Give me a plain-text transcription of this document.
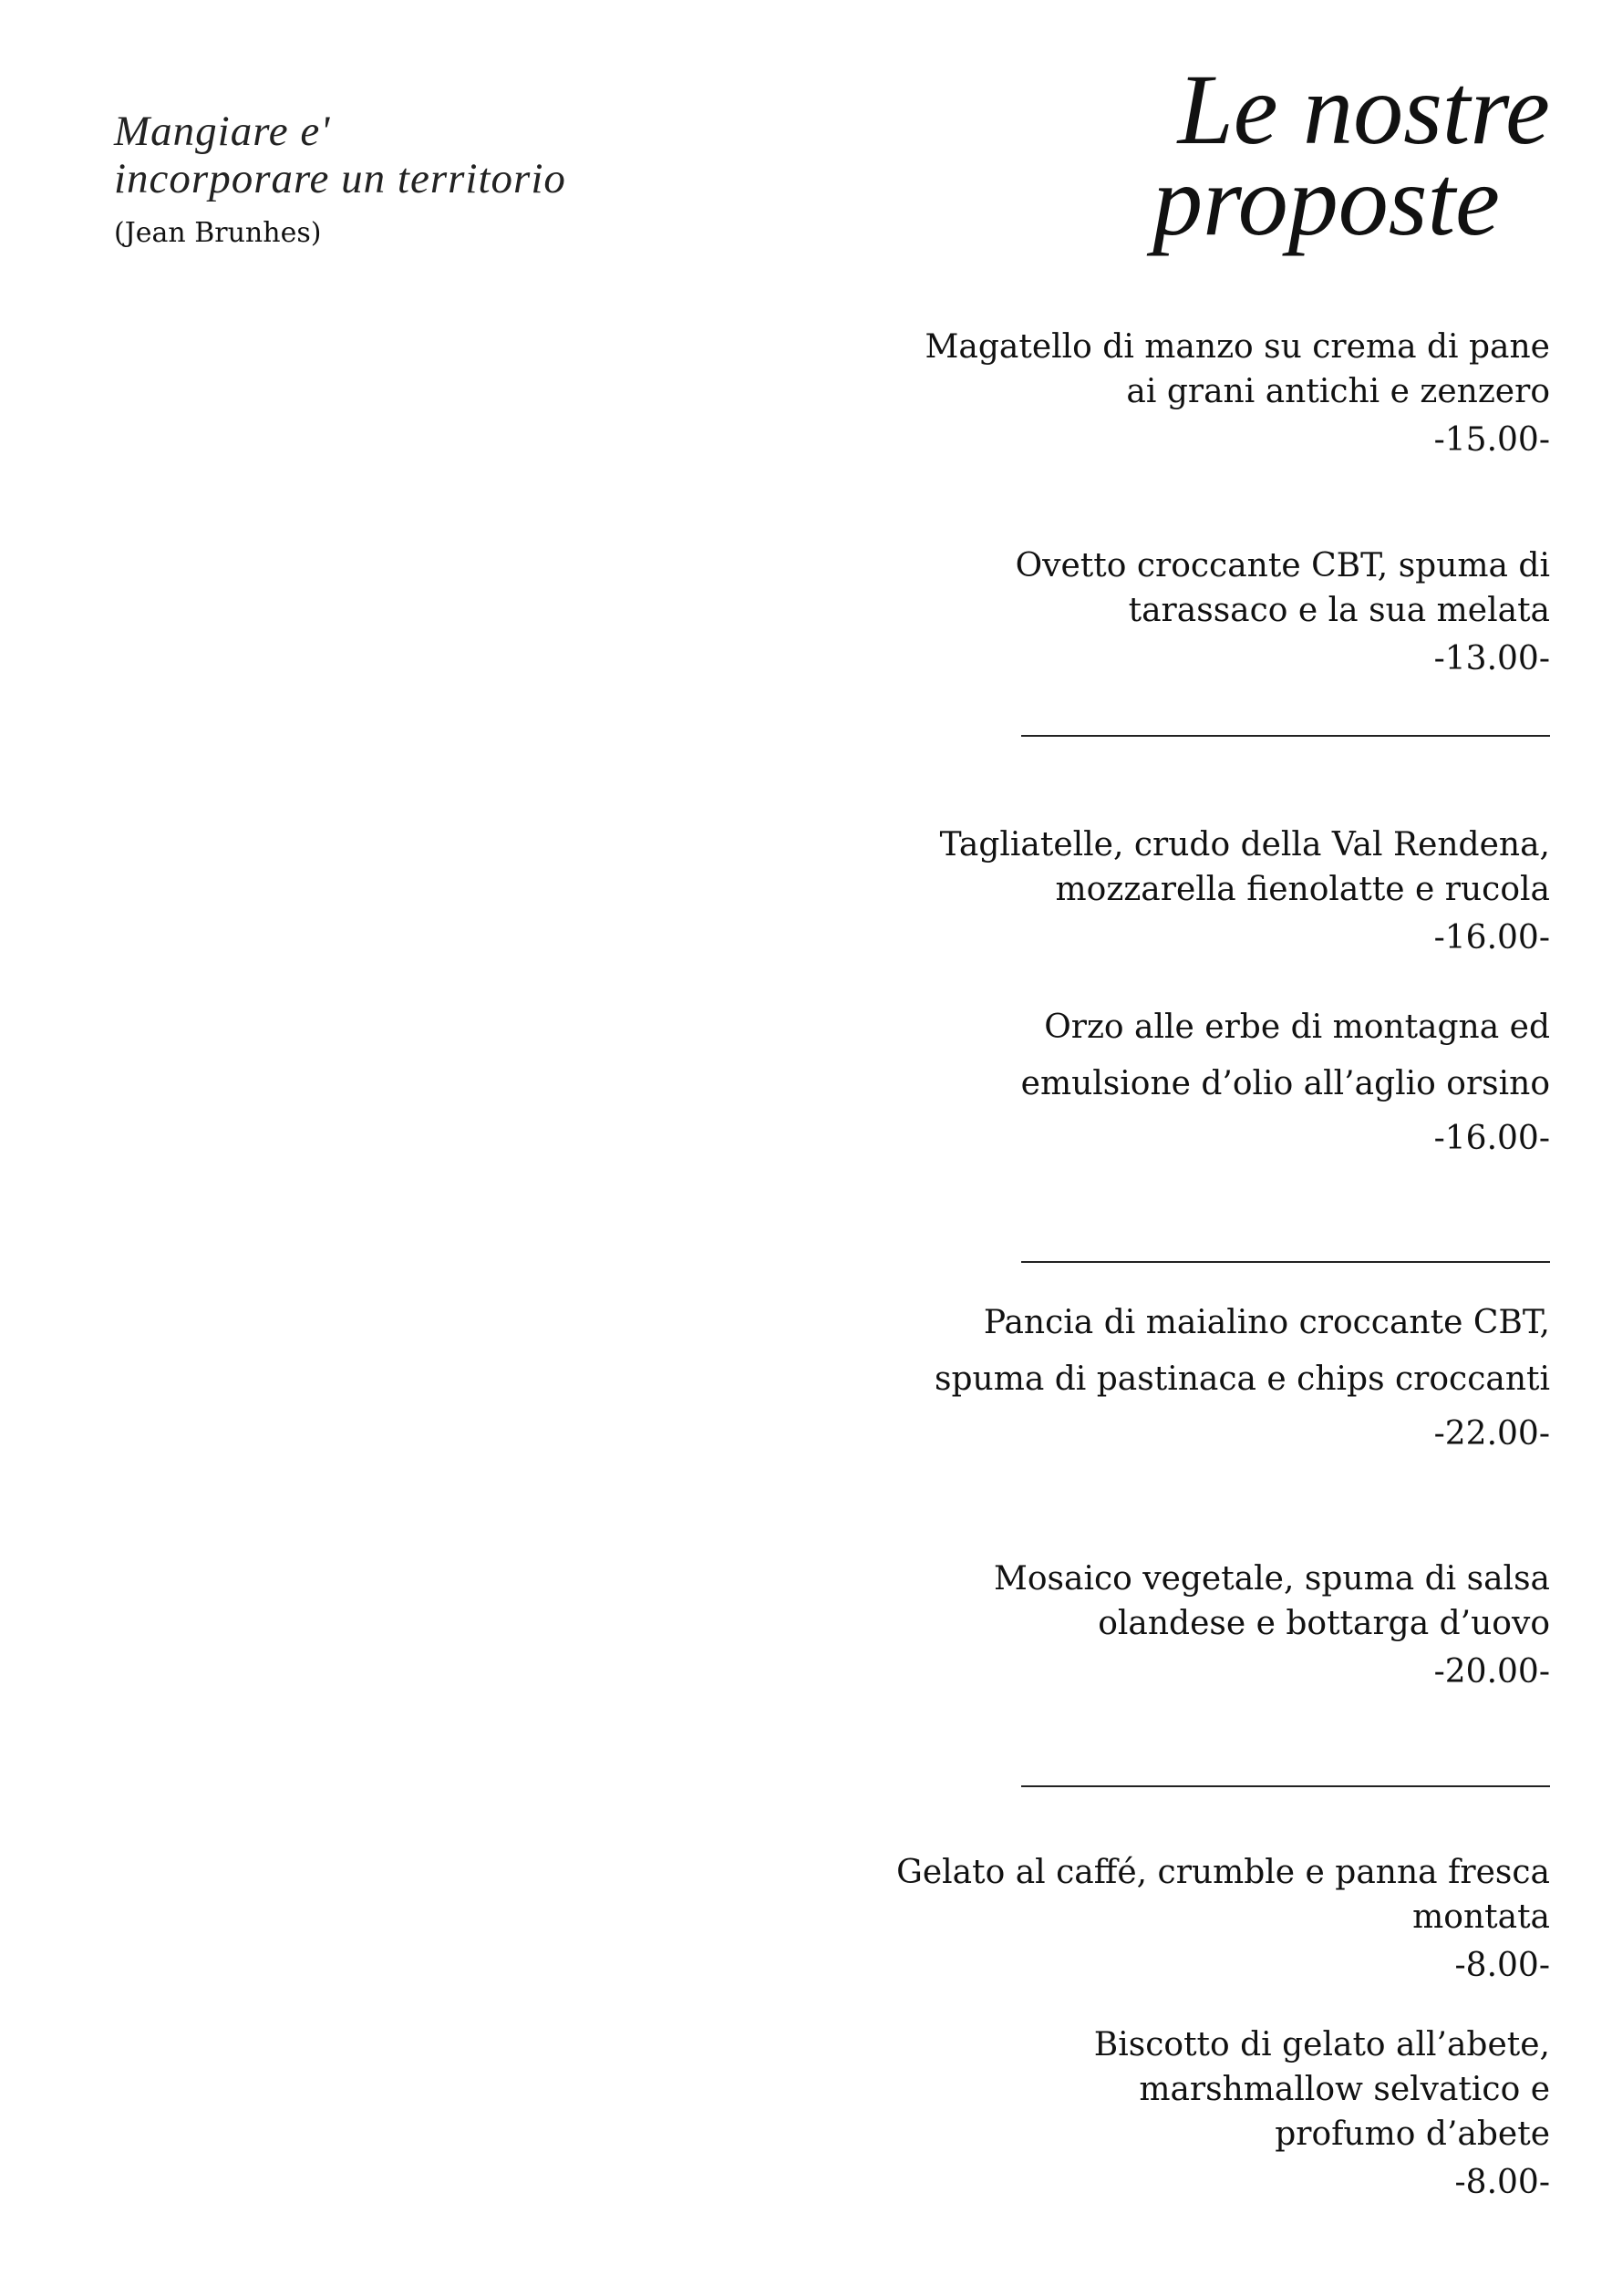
Mangiare e'
incorporare un territorio
(Jean Brunhes)
Le nostre
proposte
Magatello di manzo su crema di pane ai grani antichi e zenzero
-15.00-
Ovetto croccante CBT, spuma di tarassaco e la sua melata
-13.00-
Tagliatelle, crudo della Val Rendena, mozzarella fienolatte e rucola
-16.00-
Orzo alle erbe di montagna ed emulsione d’olio all’aglio orsino
-16.00-
Pancia di maialino croccante CBT, spuma di pastinaca e chips croccanti
-22.00-
Mosaico vegetale, spuma di salsa olandese e bottarga d’uovo
-20.00-
Gelato al caffé, crumble e panna fresca montata
-8.00-
Biscotto di gelato all’abete, marshmallow selvatico e profumo d’abete
-8.00-
